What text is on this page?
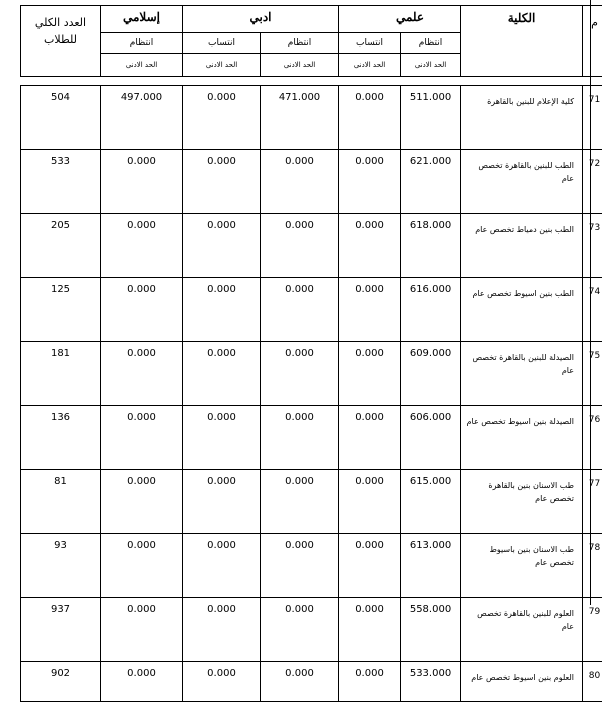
م	الكلية	علمي		ادبي		إسلامي	العدد الكلي للطلاب
		انتظام	انتساب	انتظام	انتساب	انتظام	
		الحد الادنى	الحد الادنى	الحد الادنى	الحد الادنى	الحد الادنى	

71	كلية الإعلام للبنين بالقاهرة	511.000	0.000	471.000	0.000	497.000	504
72	الطب للبنين بالقاهرة تخصص عام	621.000	0.000	0.000	0.000	0.000	533
73	الطب بنين دمياط تخصص عام	618.000	0.000	0.000	0.000	0.000	205
74	الطب بنين اسيوط تخصص عام	616.000	0.000	0.000	0.000	0.000	125
75	الصيدلة للبنين بالقاهرة تخصص عام	609.000	0.000	0.000	0.000	0.000	181
76	الصيدلة بنين اسيوط تخصص عام	606.000	0.000	0.000	0.000	0.000	136
77	طب الاسنان بنين بالقاهرة تخصص عام	615.000	0.000	0.000	0.000	0.000	81
78	طب الاسنان بنين باسيوط تخصص عام	613.000	0.000	0.000	0.000	0.000	93
79	العلوم للبنين بالقاهرة تخصص عام	558.000	0.000	0.000	0.000	0.000	937
80	العلوم بنين اسيوط تخصص عام	533.000	0.000	0.000	0.000	0.000	902
